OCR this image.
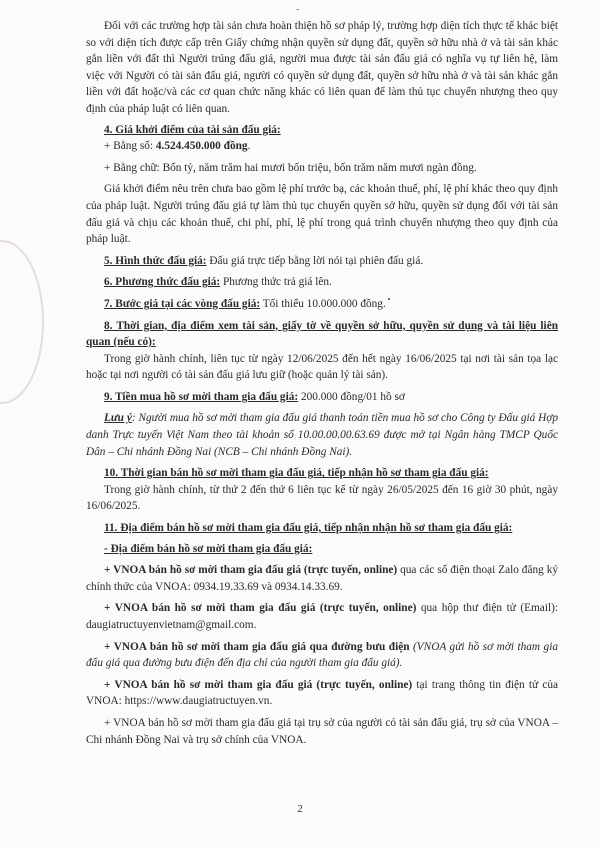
-

Đối với các trường hợp tài sản chưa hoàn thiện hồ sơ pháp lý, trường hợp diện tích thực tế khác biệt so với diện tích được cấp trên Giấy chứng nhận quyền sử dụng đất, quyền sở hữu nhà ở và tài sản khác gắn liền với đất thì Người trúng đấu giá, người mua được tài sản đấu giá có nghĩa vụ tự liên hệ, làm việc với Người có tài sản đấu giá, người có quyền sử dụng đất, quyền sở hữu nhà ở và tài sản khác gắn liền với đất hoặc/và các cơ quan chức năng khác có liên quan để làm thủ tục chuyển nhượng theo quy định của pháp luật có liên quan.

4. Giá khởi điểm của tài sản đấu giá:

+ Bằng số: 4.524.450.000 đồng.

+ Bằng chữ: Bốn tỷ, năm trăm hai mươi bốn triệu, bốn trăm năm mươi ngàn đồng.

Giá khởi điểm nêu trên chưa bao gồm lệ phí trước bạ, các khoản thuế, phí, lệ phí khác theo quy định của pháp luật. Người trúng đấu giá tự làm thủ tục chuyển quyền sở hữu, quyền sử dụng đối với tài sản đấu giá và chịu các khoản thuế, chi phí, phí, lệ phí trong quá trình chuyển nhượng theo quy định của pháp luật.

5. Hình thức đấu giá: Đấu giá trực tiếp bằng lời nói tại phiên đấu giá.

6. Phương thức đấu giá: Phương thức trả giá lên.

7. Bước giá tại các vòng đấu giá: Tối thiểu 10.000.000 đồng.

8. Thời gian, địa điểm xem tài sản, giấy tờ về quyền sở hữu, quyền sử dụng và tài liệu liên quan (nếu có):

Trong giờ hành chính, liên tục từ ngày 12/06/2025 đến hết ngày 16/06/2025 tại nơi tài sản tọa lạc hoặc tại nơi người có tài sản đấu giá lưu giữ (hoặc quản lý tài sản).

9. Tiền mua hồ sơ mời tham gia đấu giá: 200.000 đồng/01 hồ sơ

Lưu ý: Người mua hồ sơ mời tham gia đấu giá thanh toán tiền mua hồ sơ cho Công ty Đấu giá Hợp danh Trực tuyến Việt Nam theo tài khoản số 10.00.00.00.63.69 được mở tại Ngân hàng TMCP Quốc Dân – Chi nhánh Đồng Nai (NCB – Chi nhánh Đồng Nai).

10. Thời gian bán hồ sơ mời tham gia đấu giá, tiếp nhận hồ sơ tham gia đấu giá:

Trong giờ hành chính, từ thứ 2 đến thứ 6 liên tục kể từ ngày 26/05/2025 đến 16 giờ 30 phút, ngày 16/06/2025.

11. Địa điểm bán hồ sơ mời tham gia đấu giá, tiếp nhận nhận hồ sơ tham gia đấu giá:

- Địa điểm bán hồ sơ mời tham gia đấu giá:

+ VNOA bán hồ sơ mời tham gia đấu giá (trực tuyến, online) qua các số điện thoại Zalo đăng ký chính thức của VNOA: 0934.19.33.69 và 0934.14.33.69.

+ VNOA bán hồ sơ mời tham gia đấu giá (trực tuyến, online) qua hộp thư điện tử (Email): daugiatructuyenvietnam@gmail.com.

+ VNOA bán hồ sơ mời tham gia đấu giá qua đường bưu điện (VNOA gửi hồ sơ mời tham gia đấu giá qua đường bưu điện đến địa chỉ của người tham gia đấu giá).

+ VNOA bán hồ sơ mời tham gia đấu giá (trực tuyến, online) tại trang thông tin điện tử của VNOA: https://www.daugiatructuyen.vn.

+ VNOA bán hồ sơ mời tham gia đấu giá tại trụ sở của người có tài sản đấu giá, trụ sở của VNOA – Chi nhánh Đồng Nai và trụ sở chính của VNOA.

2
